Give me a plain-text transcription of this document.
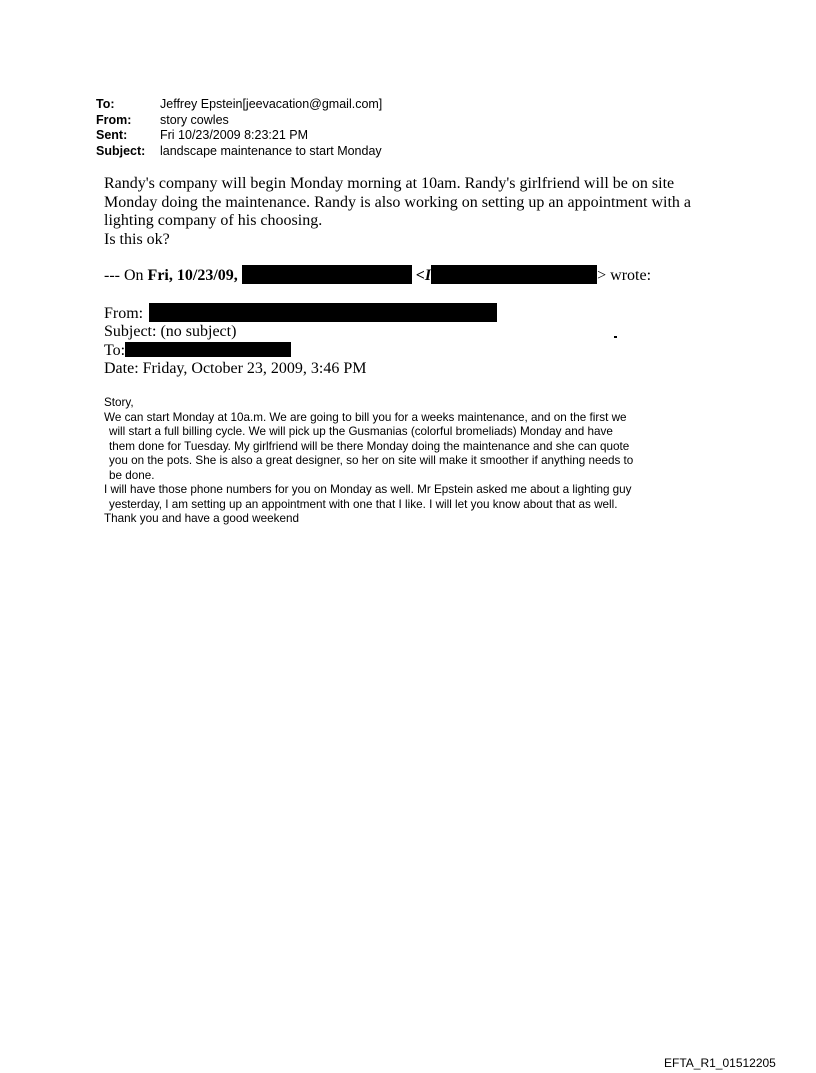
To:	Jeffrey Epstein[jeevacation@gmail.com]
From:	story cowles
Sent:	Fri 10/23/2009 8:23:21 PM
Subject:	landscape maintenance to start Monday

Randy's company will begin Monday morning at 10am. Randy's girlfriend will be on site

Monday doing the maintenance. Randy is also working on setting up an appointment with a

lighting company of his choosing.

Is this ok?

--- On Fri, 10/23/09,	<I	> wrote:
From:
Subject: (no subject)
To:
Date: Friday, October 23, 2009, 3:46 PM
Story,
We can start Monday at 10a.m. We are going to bill you for a weeks maintenance, and on the first we
will start a full billing cycle. We will pick up the Gusmanias (colorful bromeliads) Monday and have
them done for Tuesday. My girlfriend will be there Monday doing the maintenance and she can quote
you on the pots. She is also a great designer, so her on site will make it smoother if anything needs to
be done.
I will have those phone numbers for you on Monday as well. Mr Epstein asked me about a lighting guy
yesterday, I am setting up an appointment with one that I like. I will let you know about that as well.
Thank you and have a good weekend
EFTA_R1_01512205
